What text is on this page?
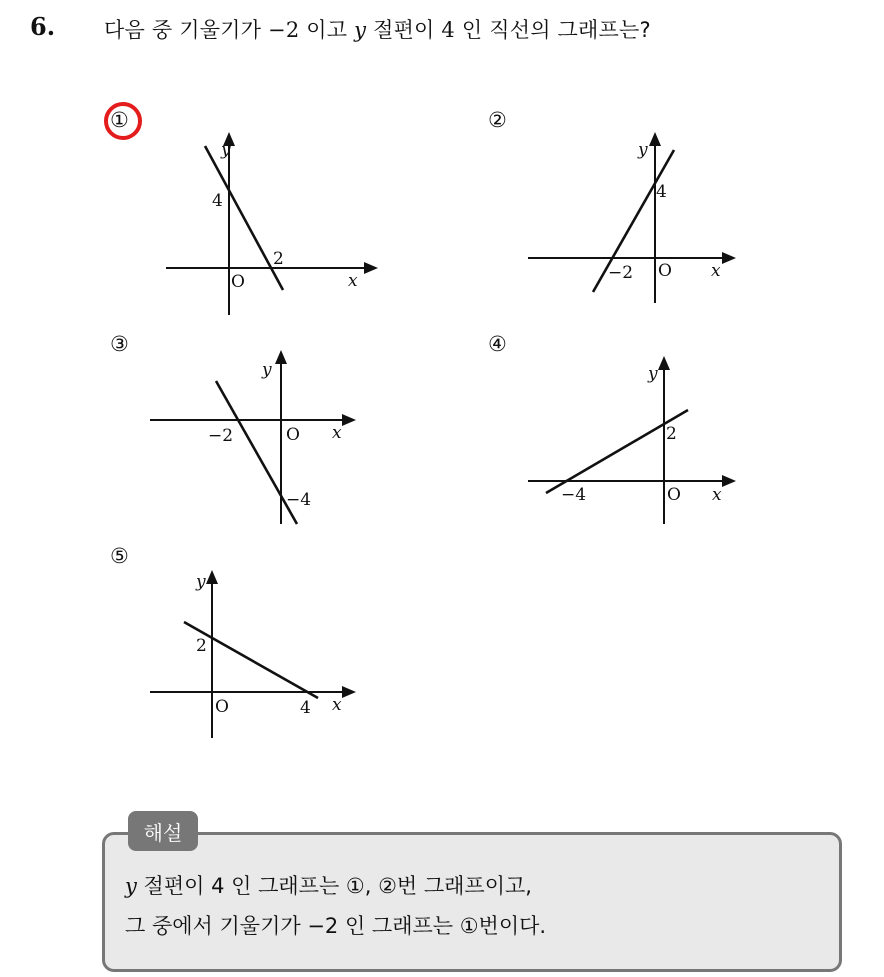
6. 다음 중 기울기가 −2 이고 y 절편이 4 인 직선의 그래프는?
y
x
4
2
O
①
y
x
4
−2 O
②
y
x
−2
−4
O
③
y
x
2
−4	O
④
y
x
2
4
O
⑤
해설
y 절편이 4 인 그래프는 ①, ②번 그래프이고,
그 중에서 기울기가 −2 인 그래프는 ①번이다.
